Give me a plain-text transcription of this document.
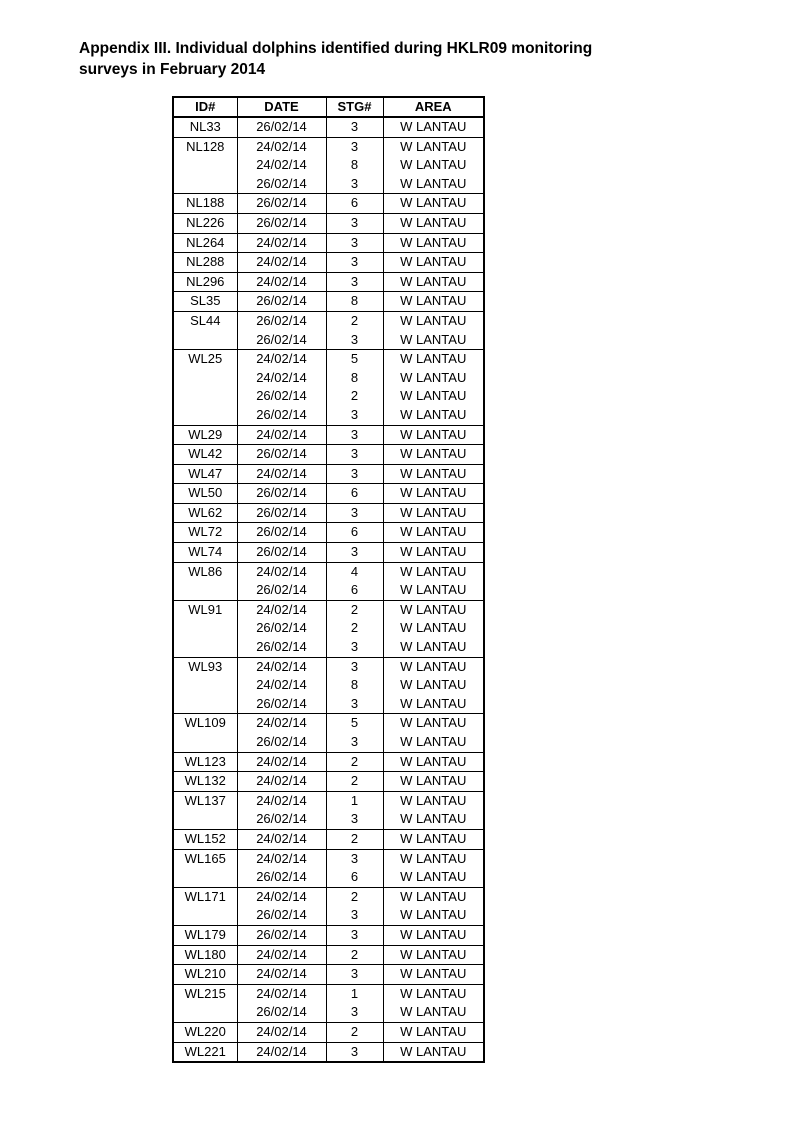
Appendix III. Individual dolphins identified during HKLR09 monitoring
surveys in February 2014
ID#	DATE	STG#	AREA
NL33	26/02/14	3	W LANTAU
NL128	24/02/14	3	W LANTAU
	24/02/14	8	W LANTAU
	26/02/14	3	W LANTAU
NL188	26/02/14	6	W LANTAU
NL226	26/02/14	3	W LANTAU
NL264	24/02/14	3	W LANTAU
NL288	24/02/14	3	W LANTAU
NL296	24/02/14	3	W LANTAU
SL35	26/02/14	8	W LANTAU
SL44	26/02/14	2	W LANTAU
	26/02/14	3	W LANTAU
WL25	24/02/14	5	W LANTAU
	24/02/14	8	W LANTAU
	26/02/14	2	W LANTAU
	26/02/14	3	W LANTAU
WL29	24/02/14	3	W LANTAU
WL42	26/02/14	3	W LANTAU
WL47	24/02/14	3	W LANTAU
WL50	26/02/14	6	W LANTAU
WL62	26/02/14	3	W LANTAU
WL72	26/02/14	6	W LANTAU
WL74	26/02/14	3	W LANTAU
WL86	24/02/14	4	W LANTAU
	26/02/14	6	W LANTAU
WL91	24/02/14	2	W LANTAU
	26/02/14	2	W LANTAU
	26/02/14	3	W LANTAU
WL93	24/02/14	3	W LANTAU
	24/02/14	8	W LANTAU
	26/02/14	3	W LANTAU
WL109	24/02/14	5	W LANTAU
	26/02/14	3	W LANTAU
WL123	24/02/14	2	W LANTAU
WL132	24/02/14	2	W LANTAU
WL137	24/02/14	1	W LANTAU
	26/02/14	3	W LANTAU
WL152	24/02/14	2	W LANTAU
WL165	24/02/14	3	W LANTAU
	26/02/14	6	W LANTAU
WL171	24/02/14	2	W LANTAU
	26/02/14	3	W LANTAU
WL179	26/02/14	3	W LANTAU
WL180	24/02/14	2	W LANTAU
WL210	24/02/14	3	W LANTAU
WL215	24/02/14	1	W LANTAU
	26/02/14	3	W LANTAU
WL220	24/02/14	2	W LANTAU
WL221	24/02/14	3	W LANTAU
